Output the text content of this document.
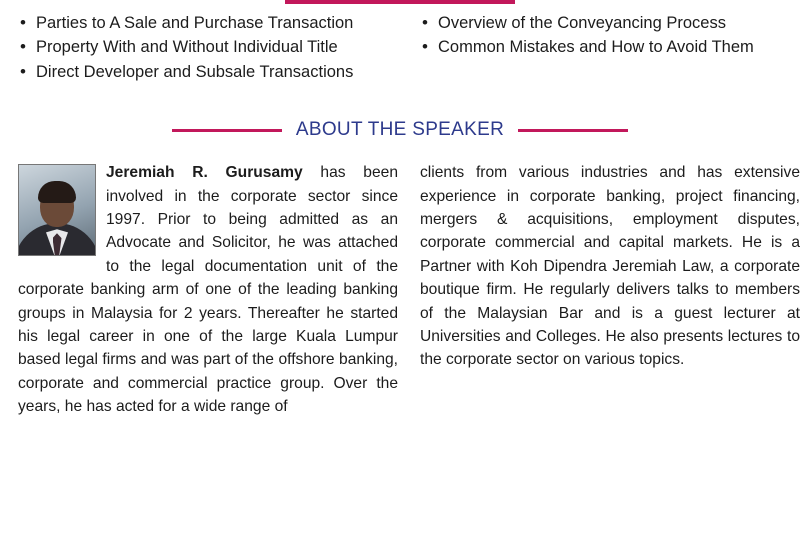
• Parties to A Sale and Purchase Transaction
• Property With and Without Individual Title
• Direct Developer and Subsale Transactions
• Overview of the Conveyancing Process
• Common Mistakes and How to Avoid Them
ABOUT THE SPEAKER
Jeremiah R. Gurusamy has been involved in the corporate sector since 1997. Prior to being admitted as an Advocate and Solicitor, he was attached to the legal documentation unit of the corporate banking arm of one of the leading banking groups in Malaysia for 2 years. Thereafter he started his legal career in one of the large Kuala Lumpur based legal firms and was part of the offshore banking, corporate and commercial practice group. Over the years, he has acted for a wide range of
clients from various industries and has extensive experience in corporate banking, project financing, mergers & acquisitions, employment disputes, corporate commercial and capital markets. He is a Partner with Koh Dipendra Jeremiah Law, a corporate boutique firm. He regularly delivers talks to members of the Malaysian Bar and is a guest lecturer at Universities and Colleges. He also presents lectures to the corporate sector on various topics.
